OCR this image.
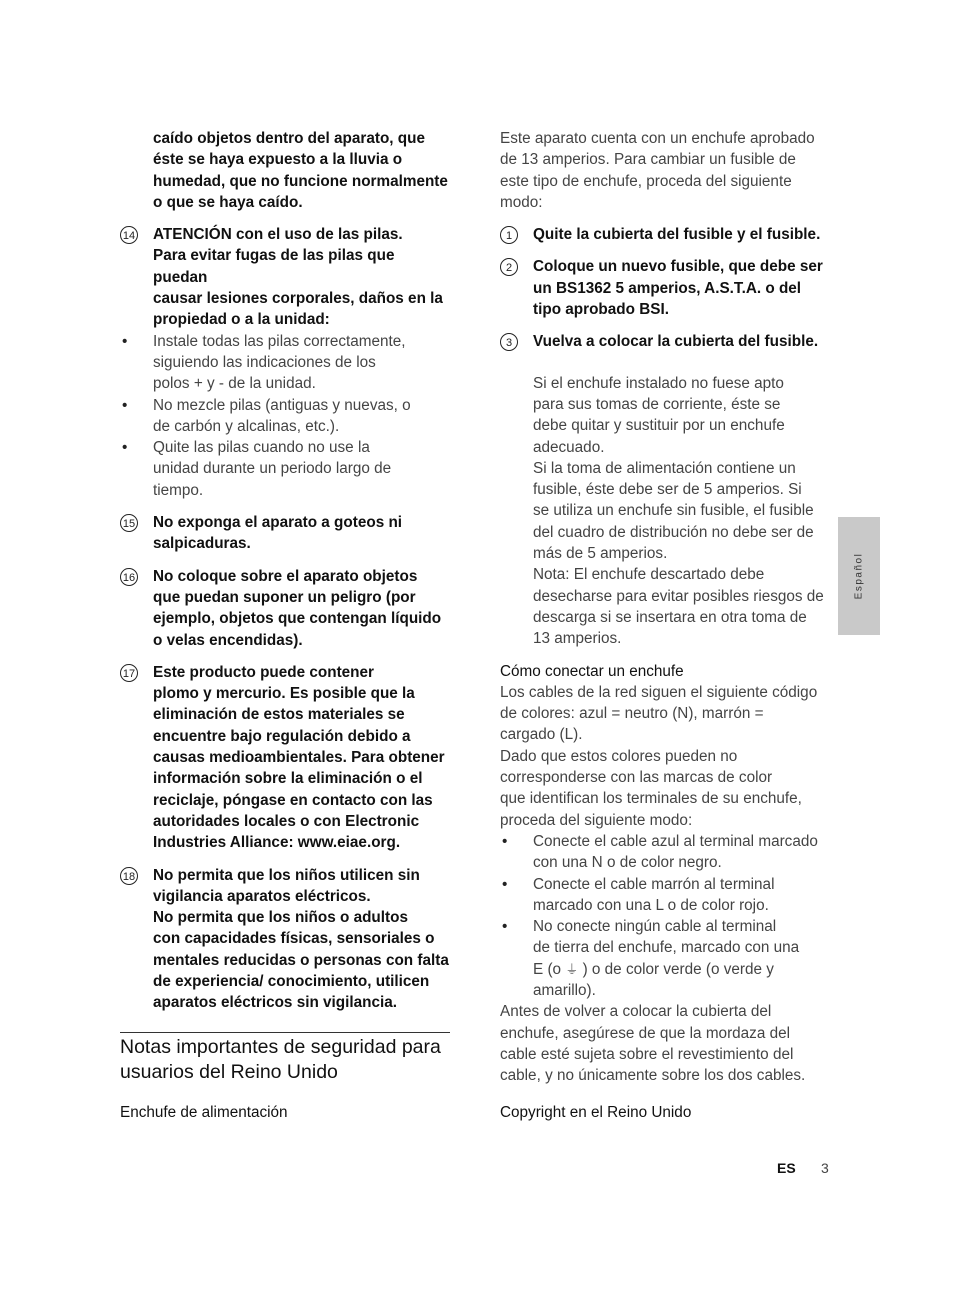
caído objetos dentro del aparato, que
éste se haya expuesto a la lluvia o
humedad, que no funcione normalmente
o que se haya caído.
14 ATENCIÓN con el uso de las pilas.
Para evitar fugas de las pilas que puedan
causar lesiones corporales, daños en la
propiedad o a la unidad:
• Instale todas las pilas correctamente,
siguiendo las indicaciones de los
polos + y - de la unidad.
• No mezcle pilas (antiguas y nuevas, o
de carbón y alcalinas, etc.).
• Quite las pilas cuando no use la
unidad durante un periodo largo de
tiempo.
15 No exponga el aparato a goteos ni
salpicaduras.
16 No coloque sobre el aparato objetos
que puedan suponer un peligro (por
ejemplo, objetos que contengan líquido
o velas encendidas).
17 Este producto puede contener
plomo y mercurio. Es posible que la
eliminación de estos materiales se
encuentre bajo regulación debido a
causas medioambientales. Para obtener
información sobre la eliminación o el
reciclaje, póngase en contacto con las
autoridades locales o con Electronic
Industries Alliance: www.eiae.org.
18 No permita que los niños utilicen sin
vigilancia aparatos eléctricos.
No permita que los niños o adultos
con capacidades físicas, sensoriales o
mentales reducidas o personas con falta
de experiencia/ conocimiento, utilicen
aparatos eléctricos sin vigilancia.
Notas importantes de seguridad para
usuarios del Reino Unido
Enchufe de alimentación
Este aparato cuenta con un enchufe aprobado
de 13 amperios. Para cambiar un fusible de
este tipo de enchufe, proceda del siguiente
modo:
1	Quite la cubierta del fusible y el fusible.
2	Coloque un nuevo fusible, que debe ser
un BS1362 5 amperios, A.S.T.A. o del
tipo aprobado BSI.
3	Vuelva a colocar la cubierta del fusible.
Si el enchufe instalado no fuese apto
para sus tomas de corriente, éste se
debe quitar y sustituir por un enchufe
adecuado.
Si la toma de alimentación contiene un
fusible, éste debe ser de 5 amperios. Si
se utiliza un enchufe sin fusible, el fusible
del cuadro de distribución no debe ser de
más de 5 amperios.
Nota: El enchufe descartado debe
desecharse para evitar posibles riesgos de
descarga si se insertara en otra toma de
13 amperios.
Cómo conectar un enchufe
Los cables de la red siguen el siguiente código
de colores: azul = neutro (N), marrón =
cargado (L).
Dado que estos colores pueden no
corresponderse con las marcas de color
que identifican los terminales de su enchufe,
proceda del siguiente modo:
• Conecte el cable azul al terminal marcado
con una N o de color negro.
• Conecte el cable marrón al terminal
marcado con una L o de color rojo.
• No conecte ningún cable al terminal
de tierra del enchufe, marcado con una
E (o ⏚ ) o de color verde (o verde y
amarillo).
Antes de volver a colocar la cubierta del
enchufe, asegúrese de que la mordaza del
cable esté sujeta sobre el revestimiento del
cable, y no únicamente sobre los dos cables.
Copyright en el Reino Unido
Español
ES 3
